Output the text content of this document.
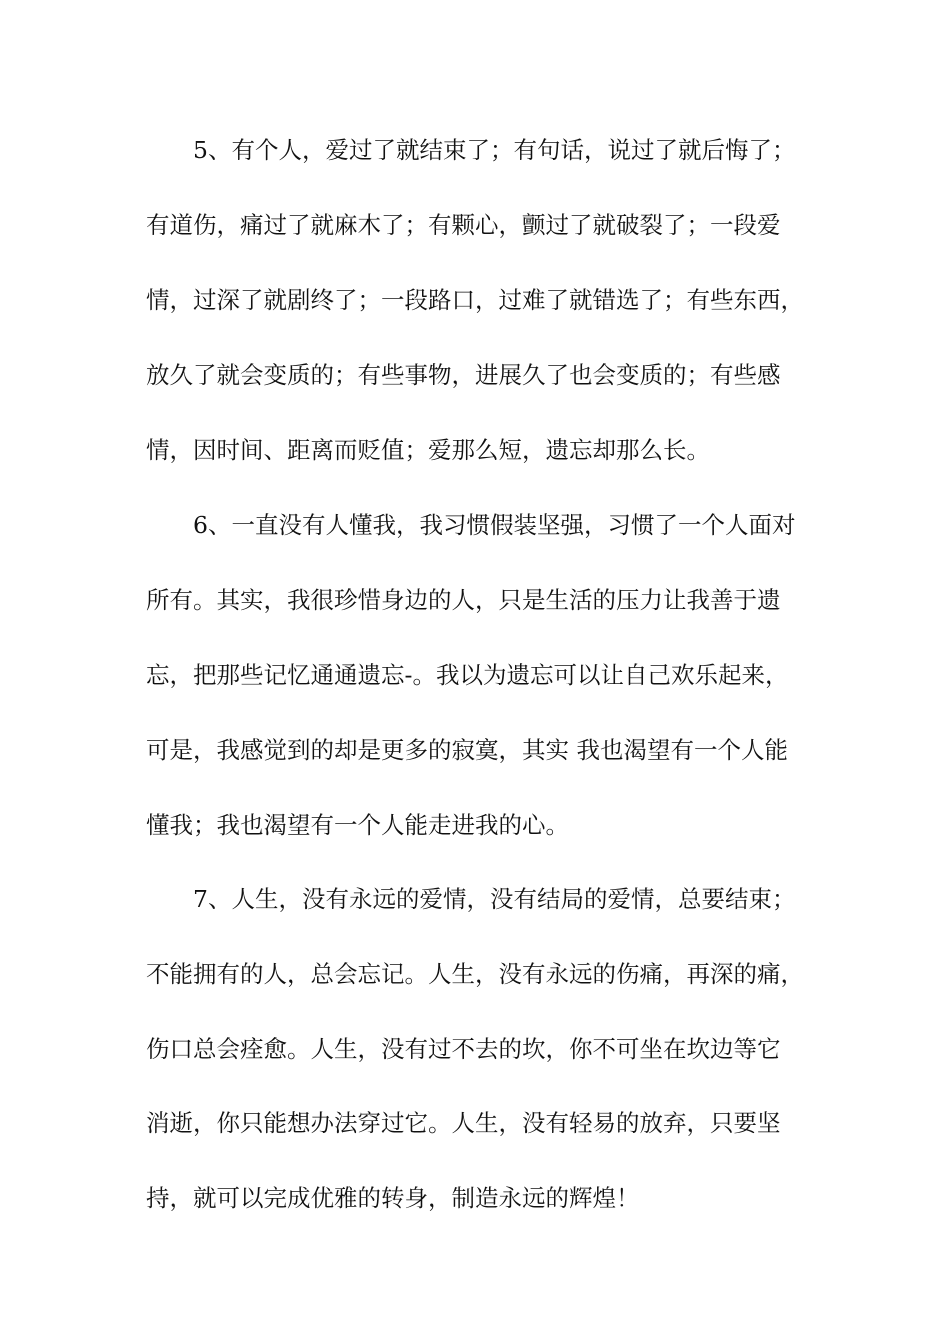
5、有个人，爱过了就结束了；有句话，说过了就后悔了；
有道伤，痛过了就麻木了；有颗心，颤过了就破裂了；一段爱
情，过深了就剧终了；一段路口，过难了就错选了；有些东西，
放久了就会变质的；有些事物，进展久了也会变质的；有些感
情，因时间、距离而贬值；爱那么短，遗忘却那么长。
6、一直没有人懂我，我习惯假装坚强，习惯了一个人面对
所有。其实，我很珍惜身边的人，只是生活的压力让我善于遗
忘，把那些记忆通通遗忘-。我以为遗忘可以让自己欢乐起来，
可是，我感觉到的却是更多的寂寞，其实 我也渴望有一个人能
懂我；我也渴望有一个人能走进我的心。
7、人生，没有永远的爱情，没有结局的爱情，总要结束；
不能拥有的人，总会忘记。人生，没有永远的伤痛，再深的痛，
伤口总会痊愈。人生，没有过不去的坎，你不可坐在坎边等它
消逝，你只能想办法穿过它。人生，没有轻易的放弃，只要坚
持，就可以完成优雅的转身，制造永远的辉煌！
